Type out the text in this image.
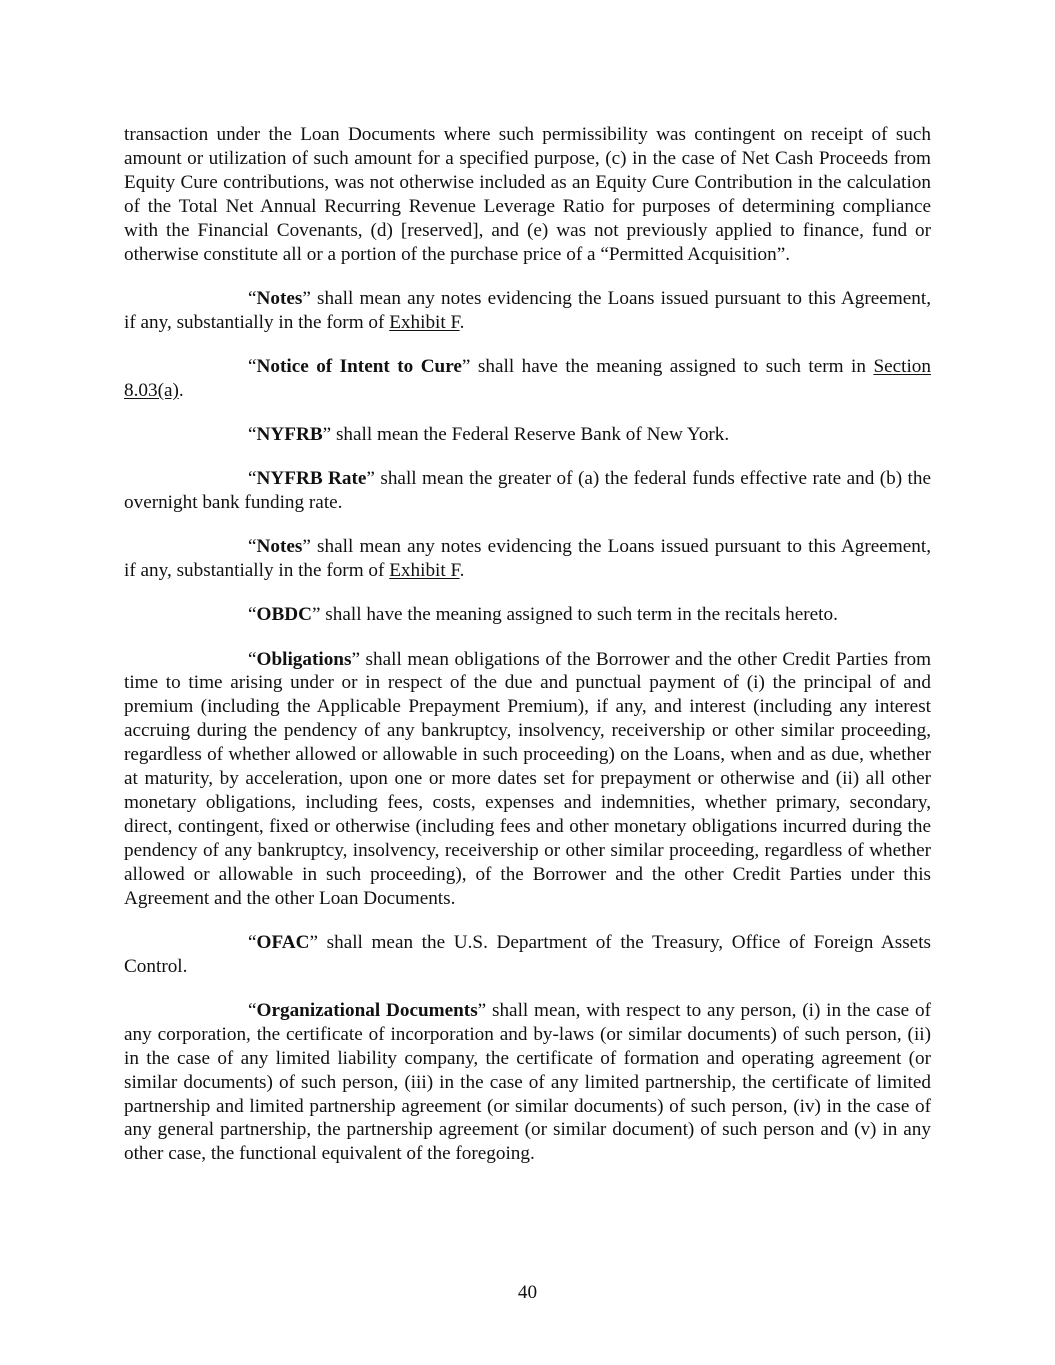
transaction under the Loan Documents where such permissibility was contingent on receipt of such amount or utilization of such amount for a specified purpose, (c) in the case of Net Cash Proceeds from Equity Cure contributions, was not otherwise included as an Equity Cure Contribution in the calculation of the Total Net Annual Recurring Revenue Leverage Ratio for purposes of determining compliance with the Financial Covenants, (d) [reserved], and (e) was not previously applied to finance, fund or otherwise constitute all or a portion of the purchase price of a “Permitted Acquisition”.

“Notes” shall mean any notes evidencing the Loans issued pursuant to this Agreement, if any, substantially in the form of Exhibit F.

“Notice of Intent to Cure” shall have the meaning assigned to such term in Section 8.03(a).

“NYFRB” shall mean the Federal Reserve Bank of New York.

“NYFRB Rate” shall mean the greater of (a) the federal funds effective rate and (b) the overnight bank funding rate.

“Notes” shall mean any notes evidencing the Loans issued pursuant to this Agreement, if any, substantially in the form of Exhibit F.

“OBDC” shall have the meaning assigned to such term in the recitals hereto.

“Obligations” shall mean obligations of the Borrower and the other Credit Parties from time to time arising under or in respect of the due and punctual payment of (i) the principal of and premium (including the Applicable Prepayment Premium), if any, and interest (including any interest accruing during the pendency of any bankruptcy, insolvency, receivership or other similar proceeding, regardless of whether allowed or allowable in such proceeding) on the Loans, when and as due, whether at maturity, by acceleration, upon one or more dates set for prepayment or otherwise and (ii) all other monetary obligations, including fees, costs, expenses and indemnities, whether primary, secondary, direct, contingent, fixed or otherwise (including fees and other monetary obligations incurred during the pendency of any bankruptcy, insolvency, receivership or other similar proceeding, regardless of whether allowed or allowable in such proceeding), of the Borrower and the other Credit Parties under this Agreement and the other Loan Documents.

“OFAC” shall mean the U.S. Department of the Treasury, Office of Foreign Assets Control.

“Organizational Documents” shall mean, with respect to any person, (i) in the case of any corporation, the certificate of incorporation and by-laws (or similar documents) of such person, (ii) in the case of any limited liability company, the certificate of formation and operating agreement (or similar documents) of such person, (iii) in the case of any limited partnership, the certificate of limited partnership and limited partnership agreement (or similar documents) of such person, (iv) in the case of any general partnership, the partnership agreement (or similar document) of such person and (v) in any other case, the functional equivalent of the foregoing.

40
